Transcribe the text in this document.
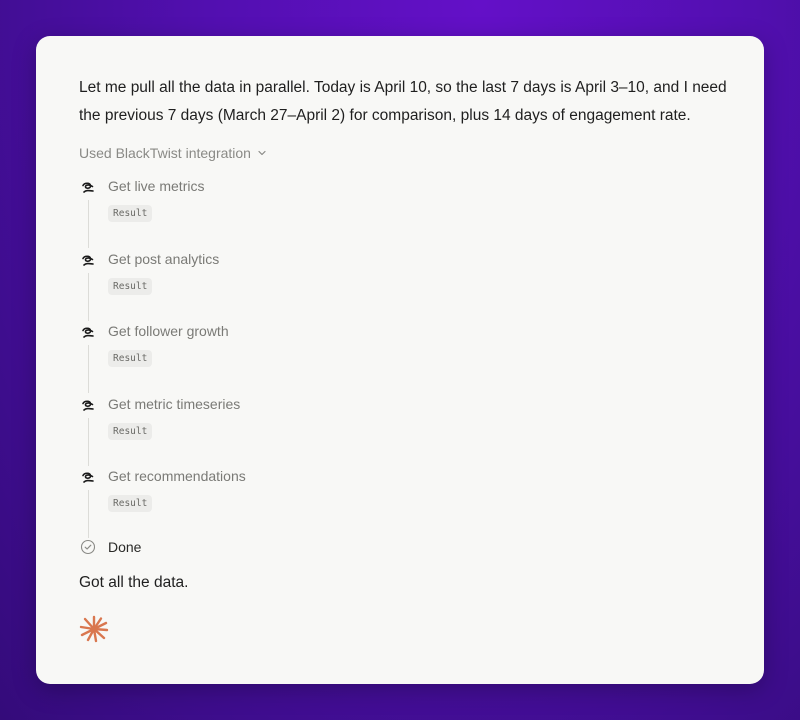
Let me pull all the data in parallel. Today is April 10, so the last 7 days is April 3–10, and I need the previous 7 days (March 27–April 2) for comparison, plus 14 days of engagement rate.

Used BlackTwist integration
Get live metrics
Result
Get post analytics
Result
Get follower growth
Result
Get metric timeseries
Result
Get recommendations
Result
Done

Got all the data.
